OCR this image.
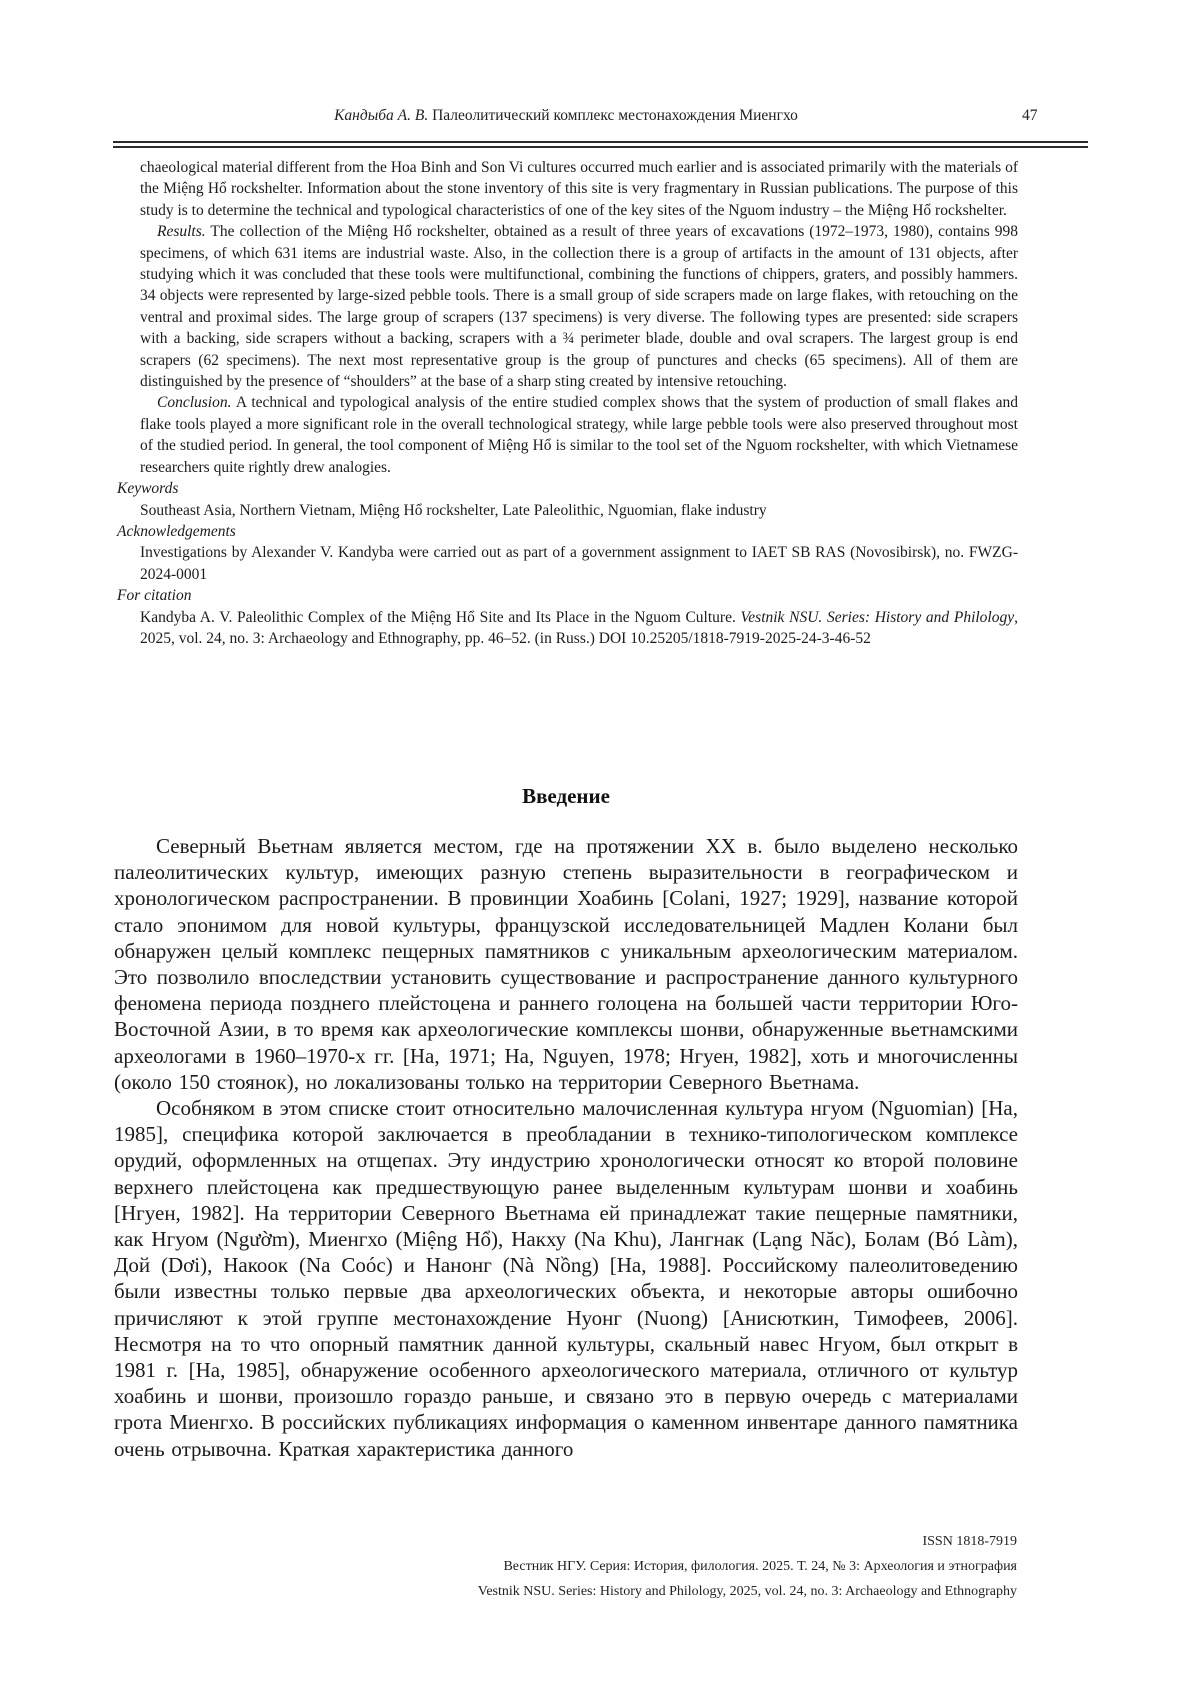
Кандыба А. В. Палеолитический комплекс местонахождения Миенгхо	47

chaeological material different from the Hoa Binh and Son Vi cultures occurred much earlier and is associated primarily with the materials of the Miệng Hổ rockshelter. Information about the stone inventory of this site is very fragmentary in Russian publications. The purpose of this study is to determine the technical and typological characteristics of one of the key sites of the Nguom industry – the Miệng Hổ rockshelter.

Results. The collection of the Miệng Hổ rockshelter, obtained as a result of three years of excavations (1972–1973, 1980), contains 998 specimens, of which 631 items are industrial waste. Also, in the collection there is a group of artifacts in the amount of 131 objects, after studying which it was concluded that these tools were multifunctional, combining the functions of chippers, graters, and possibly hammers. 34 objects were represented by large-sized pebble tools. There is a small group of side scrapers made on large flakes, with retouching on the ventral and proximal sides. The large group of scrapers (137 specimens) is very diverse. The following types are presented: side scrapers with a backing, side scrapers without a backing, scrapers with a ¾ perimeter blade, double and oval scrapers. The largest group is end scrapers (62 specimens). The next most representative group is the group of punctures and checks (65 specimens). All of them are distinguished by the presence of “shoulders” at the base of a sharp sting created by intensive retouching.

Conclusion. A technical and typological analysis of the entire studied complex shows that the system of production of small flakes and flake tools played a more significant role in the overall technological strategy, while large pebble tools were also preserved throughout most of the studied period. In general, the tool component of Miệng Hổ is similar to the tool set of the Nguom rockshelter, with which Vietnamese researchers quite rightly drew analogies.

Keywords

Southeast Asia, Northern Vietnam, Miệng Hổ rockshelter, Late Paleolithic, Nguomian, flake industry

Acknowledgements

Investigations by Alexander V. Kandyba were carried out as part of a government assignment to IAET SB RAS (Novosibirsk), no. FWZG-2024-0001

For citation

Kandyba A. V. Paleolithic Complex of the Miệng Hổ Site and Its Place in the Nguom Culture. Vestnik NSU. Series: History and Philology, 2025, vol. 24, no. 3: Archaeology and Ethnography, pp. 46–52. (in Russ.) DOI 10.25205/1818-7919-2025-24-3-46-52

Введение

Северный Вьетнам является местом, где на протяжении XX в. было выделено несколько палеолитических культур, имеющих разную степень выразительности в географическом и хронологическом распространении. В провинции Хоабинь [Colani, 1927; 1929], название которой стало эпонимом для новой культуры, французской исследовательницей Мадлен Колани был обнаружен целый комплекс пещерных памятников с уникальным археологическим материалом. Это позволило впоследствии установить существование и распространение данного культурного феномена периода позднего плейстоцена и раннего голоцена на большей части территории Юго-Восточной Азии, в то время как археологические комплексы шонви, обнаруженные вьетнамскими археологами в 1960–1970-х гг. [Ha, 1971; Ha, Nguyen, 1978; Нгуен, 1982], хоть и многочисленны (около 150 стоянок), но локализованы только на территории Северного Вьетнама.

Особняком в этом списке стоит относительно малочисленная культура нгуом (Nguomian) [Ha, 1985], специфика которой заключается в преобладании в технико-типологическом комплексе орудий, оформленных на отщепах. Эту индустрию хронологически относят ко второй половине верхнего плейстоцена как предшествующую ранее выделенным культурам шонви и хоабинь [Нгуен, 1982]. На территории Северного Вьетнама ей принадлежат такие пещерные памятники, как Нгуом (Ngườm), Миенгхо (Miệng Hổ), Накху (Na Khu), Лангнак (Lạng Năc), Болам (Bó Làm), Дой (Dơi), Накоок (Na Coóc) и Нанонг (Nà Nồng) [Ha, 1988]. Российскому палеолитоведению были известны только первые два археологических объекта, и некоторые авторы ошибочно причисляют к этой группе местонахождение Нуонг (Nuong) [Анисюткин, Тимофеев, 2006]. Несмотря на то что опорный памятник данной культуры, скальный навес Нгуом, был открыт в 1981 г. [Ha, 1985], обнаружение особенного археологического материала, отличного от культур хоабинь и шонви, произошло гораздо раньше, и связано это в первую очередь с материалами грота Миенгхо. В российских публикациях информация о каменном инвентаре данного памятника очень отрывочна. Краткая характеристика данного

ISSN 1818-7919
Вестник НГУ. Серия: История, филология. 2025. Т. 24, № 3: Археология и этнография
Vestnik NSU. Series: History and Philology, 2025, vol. 24, no. 3: Archaeology and Ethnography
